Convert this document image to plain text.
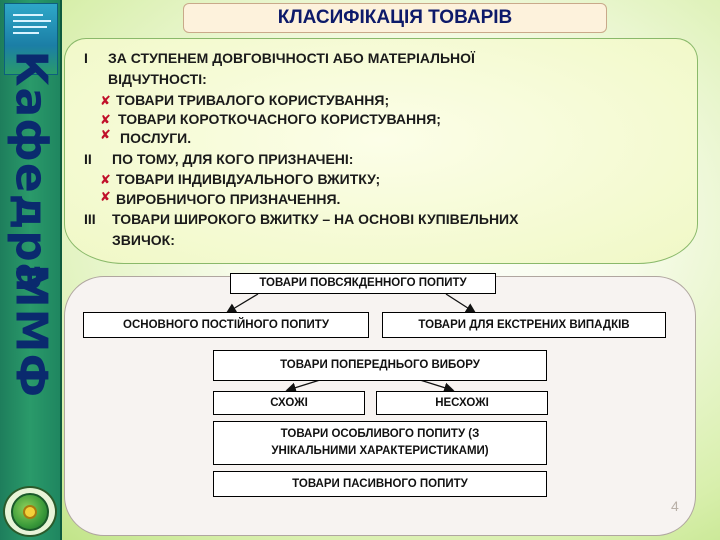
Кафедра
ММФ
КЛАСИФІКАЦІЯ ТОВАРІВ
I ЗА СТУПЕНЕМ ДОВГОВІЧНОСТІ АБО МАТЕРІАЛЬНОЇ
ВІДЧУТНОСТІ:
✘ ТОВАРИ ТРИВАЛОГО КОРИСТУВАННЯ;
✘ ТОВАРИ КОРОТКОЧАСНОГО КОРИСТУВАННЯ;
✘ ПОСЛУГИ.
II ПО ТОМУ, ДЛЯ КОГО ПРИЗНАЧЕНІ:
✘ ТОВАРИ ІНДИВІДУАЛЬНОГО ВЖИТКУ;
✘ ВИРОБНИЧОГО ПРИЗНАЧЕННЯ.
III ТОВАРИ ШИРОКОГО ВЖИТКУ – НА ОСНОВІ КУПІВЕЛЬНИХ
ЗВИЧОК:
ТОВАРИ ПОВСЯКДЕННОГО ПОПИТУ
ОСНОВНОГО ПОСТІЙНОГО ПОПИТУ	ТОВАРИ ДЛЯ ЕКСТРЕНИХ ВИПАДКІВ
ТОВАРИ ПОПЕРЕДНЬОГО ВИБОРУ
СХОЖІ	НЕСХОЖІ
ТОВАРИ ОСОБЛИВОГО ПОПИТУ (З
УНІКАЛЬНИМИ ХАРАКТЕРИСТИКАМИ)
ТОВАРИ ПАСИВНОГО ПОПИТУ
4
